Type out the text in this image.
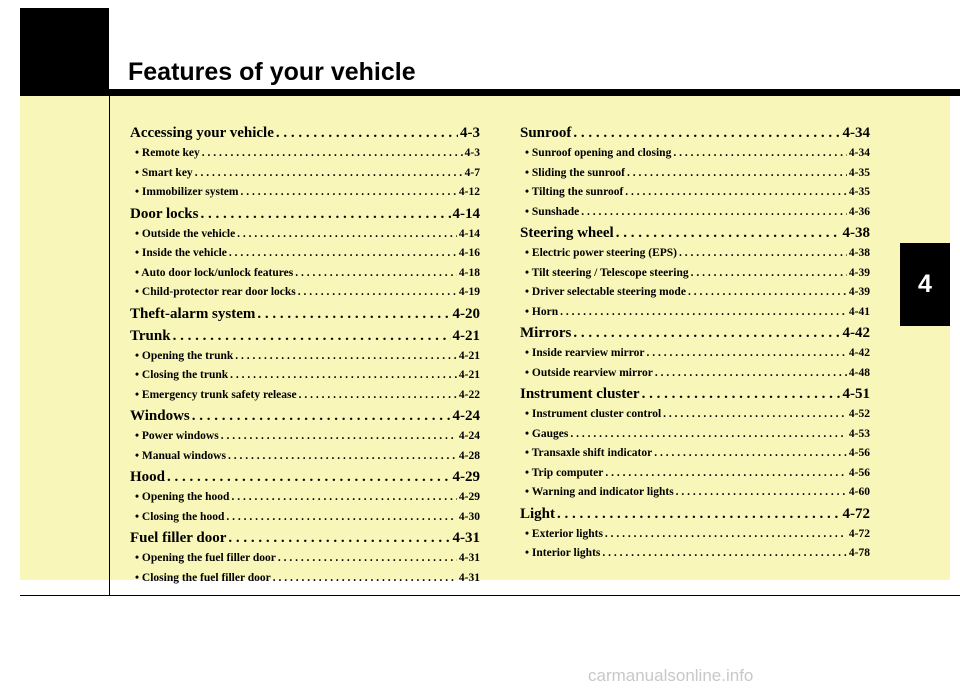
Features of your vehicle
4
Accessing your vehicle . . .	4-3
• Remote key . . .	4-3
• Smart key . . .	4-7
• Immobilizer system . . .	4-12
Door locks . . .	4-14
• Outside the vehicle . . .	4-14
• Inside the vehicle . . .	4-16
• Auto door lock/unlock features . . .	4-18
• Child-protector rear door locks . . .	4-19
Theft-alarm system . . .	4-20
Trunk . . .	4-21
• Opening the trunk . . .	4-21
• Closing the trunk . . .	4-21
• Emergency trunk safety release . . .	4-22
Windows . . .	4-24
• Power windows . . .	4-24
• Manual windows . . .	4-28
Hood . . .	4-29
• Opening the hood . . .	4-29
• Closing the hood . . .	4-30
Fuel filler door . . .	4-31
• Opening the fuel filler door . . .	4-31
• Closing the fuel filler door . . .	4-31
Sunroof . . .	4-34
• Sunroof opening and closing . . .	4-34
• Sliding the sunroof . . .	4-35
• Tilting the sunroof . . .	4-35
• Sunshade . . .	4-36
Steering wheel . . .	4-38
• Electric power steering (EPS) . . .	4-38
• Tilt steering / Telescope steering . . .	4-39
• Driver selectable steering mode . . .	4-39
• Horn . . .	4-41
Mirrors . . .	4-42
• Inside rearview mirror . . .	4-42
• Outside rearview mirror . . .	4-48
Instrument cluster . . .	4-51
• Instrument cluster control . . .	4-52
• Gauges . . .	4-53
• Transaxle shift indicator . . .	4-56
• Trip computer . . .	4-56
• Warning and indicator lights . . .	4-60
Light . . .	4-72
• Exterior lights . . .	4-72
• Interior lights . . .	4-78
carmanualsonline.info
